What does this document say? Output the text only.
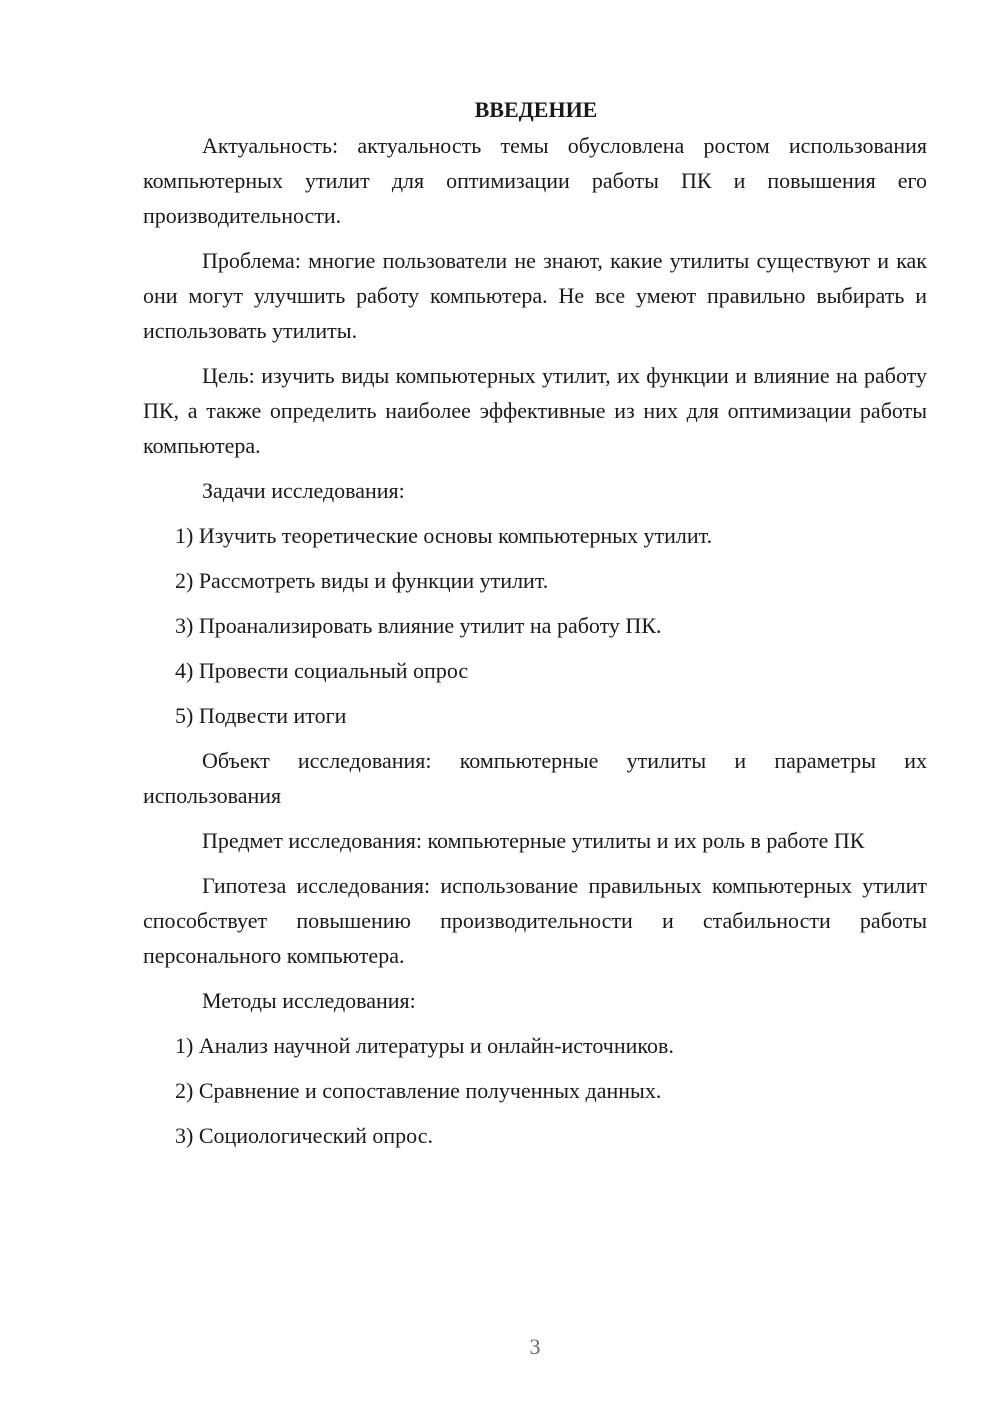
ВВЕДЕНИЕ

Актуальность: актуальность темы обусловлена ростом использования компьютерных утилит для оптимизации работы ПК и повышения его производительности.

Проблема: многие пользователи не знают, какие утилиты существуют и как они могут улучшить работу компьютера. Не все умеют правильно выбирать и использовать утилиты.

Цель: изучить виды компьютерных утилит, их функции и влияние на работу ПК, а также определить наиболее эффективные из них для оптимизации работы компьютера.

Задачи исследования:

1) Изучить теоретические основы компьютерных утилит.

2) Рассмотреть виды и функции утилит.

3) Проанализировать влияние утилит на работу ПК.

4) Провести социальный опрос

5) Подвести итоги

Объект исследования: компьютерные утилиты и параметры их использования

Предмет исследования: компьютерные утилиты и их роль в работе ПК

Гипотеза исследования: использование правильных компьютерных утилит способствует повышению производительности и стабильности работы персонального компьютера.

Методы исследования:

1) Анализ научной литературы и онлайн-источников.

2) Сравнение и сопоставление полученных данных.

3) Социологический опрос.

3
